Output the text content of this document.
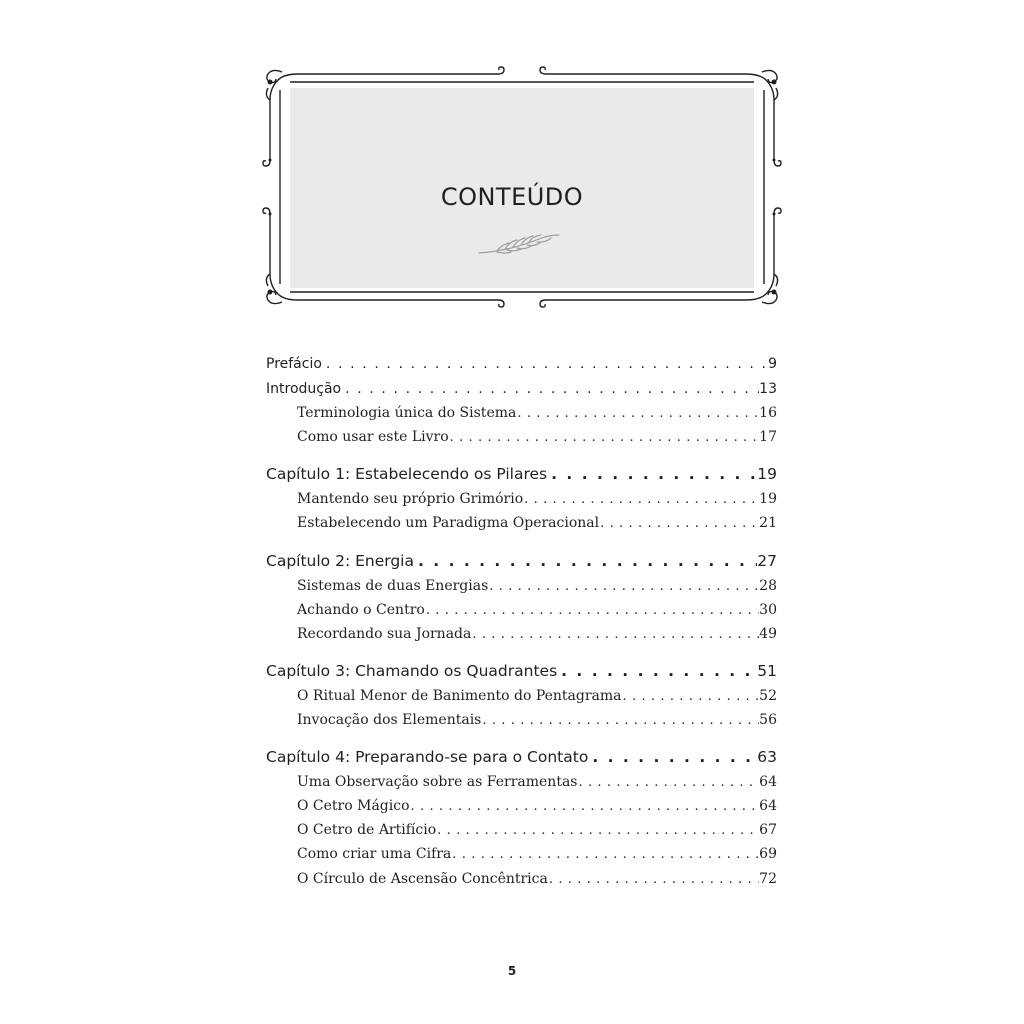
CONTEÚDO
Prefácio . . .	9
Introdução . . .	13
Terminologia única do Sistema . . .	16
Como usar este Livro . . .	17
Capítulo 1: Estabelecendo os Pilares . . .	19
Mantendo seu próprio Grimório . . .	19
Estabelecendo um Paradigma Operacional . . .	21
Capítulo 2: Energia . . .	27
Sistemas de duas Energias . . .	28
Achando o Centro . . .	30
Recordando sua Jornada . . .	49
Capítulo 3: Chamando os Quadrantes . . .	51
O Ritual Menor de Banimento do Pentagrama . . .	52
Invocação dos Elementais . . .	56
Capítulo 4: Preparando-se para o Contato . . .	63
Uma Observação sobre as Ferramentas . . .	64
O Cetro Mágico . . .	64
O Cetro de Artifício . . .	67
Como criar uma Cifra . . .	69
O Círculo de Ascensão Concêntrica . . .	72
5
